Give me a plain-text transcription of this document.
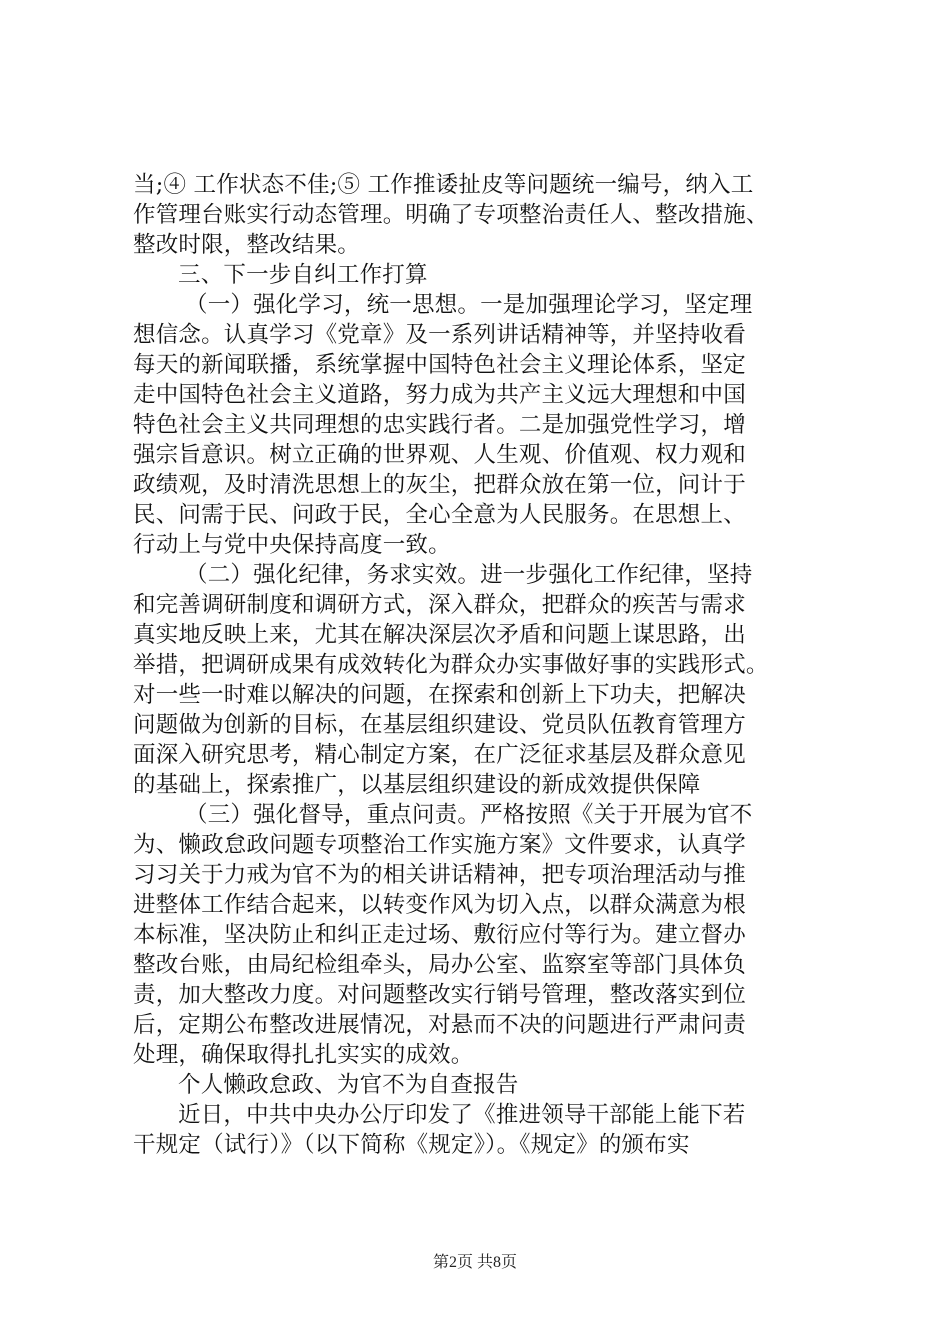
当;④ 工作状态不佳;⑤ 工作推诿扯皮等问题统一编号，纳入工
作管理台账实行动态管理。明确了专项整治责任人、整改措施、
整改时限，整改结果。
三、下一步自纠工作打算
（一）强化学习，统一思想。一是加强理论学习，坚定理
想信念。认真学习《党章》及一系列讲话精神等，并坚持收看
每天的新闻联播，系统掌握中国特色社会主义理论体系，坚定
走中国特色社会主义道路，努力成为共产主义远大理想和中国
特色社会主义共同理想的忠实践行者。二是加强党性学习，增
强宗旨意识。树立正确的世界观、人生观、价值观、权力观和
政绩观，及时清洗思想上的灰尘，把群众放在第一位，问计于
民、问需于民、问政于民，全心全意为人民服务。在思想上、
行动上与党中央保持高度一致。
（二）强化纪律，务求实效。进一步强化工作纪律，坚持
和完善调研制度和调研方式，深入群众，把群众的疾苦与需求
真实地反映上来，尤其在解决深层次矛盾和问题上谋思路，出
举措，把调研成果有成效转化为群众办实事做好事的实践形式。
对一些一时难以解决的问题，在探索和创新上下功夫，把解决
问题做为创新的目标，在基层组织建设、党员队伍教育管理方
面深入研究思考，精心制定方案，在广泛征求基层及群众意见
的基础上，探索推广，以基层组织建设的新成效提供保障
（三）强化督导，重点问责。严格按照《关于开展为官不
为、懒政怠政问题专项整治工作实施方案》文件要求，认真学
习习关于力戒为官不为的相关讲话精神，把专项治理活动与推
进整体工作结合起来，以转变作风为切入点，以群众满意为根
本标准，坚决防止和纠正走过场、敷衍应付等行为。建立督办
整改台账，由局纪检组牵头，局办公室、监察室等部门具体负
责，加大整改力度。对问题整改实行销号管理，整改落实到位
后，定期公布整改进展情况，对悬而不决的问题进行严肃问责
处理，确保取得扎扎实实的成效。
个人懒政怠政、为官不为自查报告
近日，中共中央办公厅印发了《推进领导干部能上能下若
干规定（试行）》（以下简称《规定》）。《规定》的颁布实
第2页 共8页
